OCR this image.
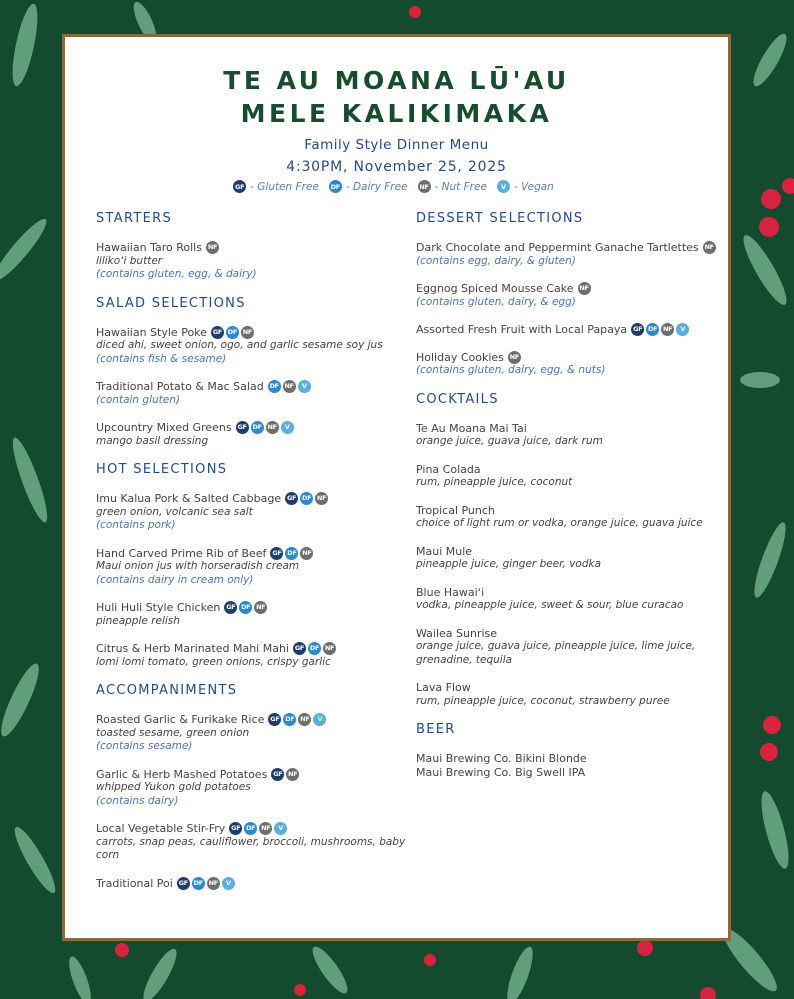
TE AU MOANA LŪ'AU
MELE KALIKIMAKA
Family Style Dinner Menu
4:30PM, November 25, 2025
GF - Gluten Free DF - Dairy Free NF - Nut Free	V - Vegan
STARTERS
Hawaiian Taro Rolls NF
lilikoʻi butter
(contains gluten, egg, & dairy)
SALAD SELECTIONS
Hawaiian Style Poke GF DF NF
diced ahi, sweet onion, ogo, and garlic sesame soy jus
(contains fish & sesame)
Traditional Potato & Mac Salad DF NF	V
(contain gluten)
Upcountry Mixed Greens GF DF NF	V
mango basil dressing
HOT SELECTIONS
Imu Kalua Pork & Salted Cabbage GF DF NF
green onion, volcanic sea salt
(contains pork)
Hand Carved Prime Rib of Beef GF DF NF
Maui onion jus with horseradish cream
(contains dairy in cream only)
Huli Huli Style Chicken GF DF NF
pineapple relish
Citrus & Herb Marinated Mahi Mahi GF DF NF
lomi lomi tomato, green onions, crispy garlic
ACCOMPANIMENTS
Roasted Garlic & Furikake Rice GF DF NF	V
toasted sesame, green onion
(contains sesame)
Garlic & Herb Mashed Potatoes GF NF
whipped Yukon gold potatoes
(contains dairy)
Local Vegetable Stir-Fry GF DF NF	V
carrots, snap peas, cauliflower, broccoli, mushrooms, baby corn
Traditional Poi GF DF NF	V
DESSERT SELECTIONS
Dark Chocolate and Peppermint Ganache Tartlettes NF
(contains egg, dairy, & gluten)
Eggnog Spiced Mousse Cake NF
(contains gluten, dairy, & egg)
Assorted Fresh Fruit with Local Papaya GF DF NF	V
Holiday Cookies NF
(contains gluten, dairy, egg, & nuts)
COCKTAILS
Te Au Moana Mai Tai
orange juice, guava juice, dark rum
Pina Colada
rum, pineapple juice, coconut
Tropical Punch
choice of light rum or vodka, orange juice, guava juice
Maui Mule
pineapple juice, ginger beer, vodka
Blue Hawaiʻi
vodka, pineapple juice, sweet & sour, blue curacao
Wailea Sunrise
orange juice, guava juice, pineapple juice, lime juice, grenadine, tequila
Lava Flow
rum, pineapple juice, coconut, strawberry puree
BEER
Maui Brewing Co. Bikini Blonde
Maui Brewing Co. Big Swell IPA
